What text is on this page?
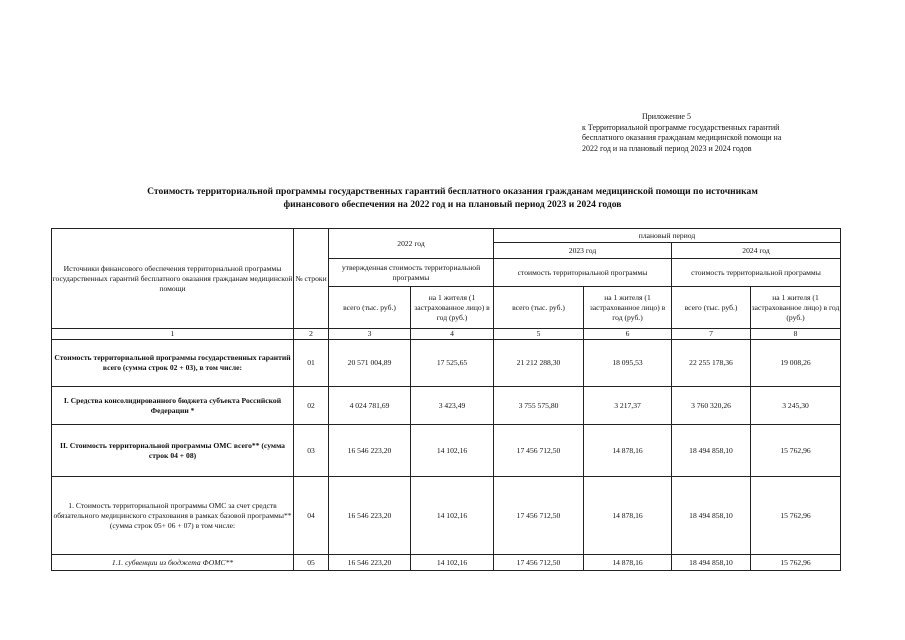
Приложение 5
к Территориальной программе государственных гарантий
бесплатного оказания гражданам медицинской помощи на
2022 год и на плановый период 2023 и 2024 годов
Стоимость территориальной программы государственных гарантий бесплатного оказания гражданам медицинской помощи по источникам
финансового обеспечения на 2022 год и на плановый период 2023 и 2024 годов
Источники финансового обеспечения территориальной программы государственных гарантий бесплатного оказания гражданам медицинской помощи	№ строки	2022 год		плановый период			
				2023 год		2024 год	
		утвержденная стоимость территориальной программы		стоимость территориальной программы		стоимость территориальной программы	
		всего (тыс. руб.)	на 1 жителя (1 застрахованное лицо) в год (руб.)	всего (тыс. руб.)	на 1 жителя (1 застрахованное лицо) в год (руб.)	всего (тыс. руб.)	на 1 жителя (1 застрахованное лицо) в год (руб.)
1	2	3	4	5	6	7	8
Стоимость территориальной программы государственных гарантий всего (сумма строк 02 + 03), в том числе:	01	20 571 004,89	17 525,65	21 212 288,30	18 095,53	22 255 178,36	19 008,26
I. Средства консолидированного бюджета субъекта Российской Федерации *	02	4 024 781,69	3 423,49	3 755 575,80	3 217,37	3 760 320,26	3 245,30
II. Стоимость территориальной программы ОМС всего** (сумма строк 04 + 08)	03	16 546 223,20	14 102,16	17 456 712,50	14 878,16	18 494 858,10	15 762,96
1. Стоимость территориальной программы ОМС за счет средств обязательного медицинского страхования в рамках базовой программы** (сумма строк 05+ 06 + 07) в том числе:	04	16 546 223,20	14 102,16	17 456 712,50	14 878,16	18 494 858,10	15 762,96
1.1. субвенции из бюджета ФОМС**	05	16 546 223,20	14 102,16	17 456 712,50	14 878,16	18 494 858,10	15 762,96
